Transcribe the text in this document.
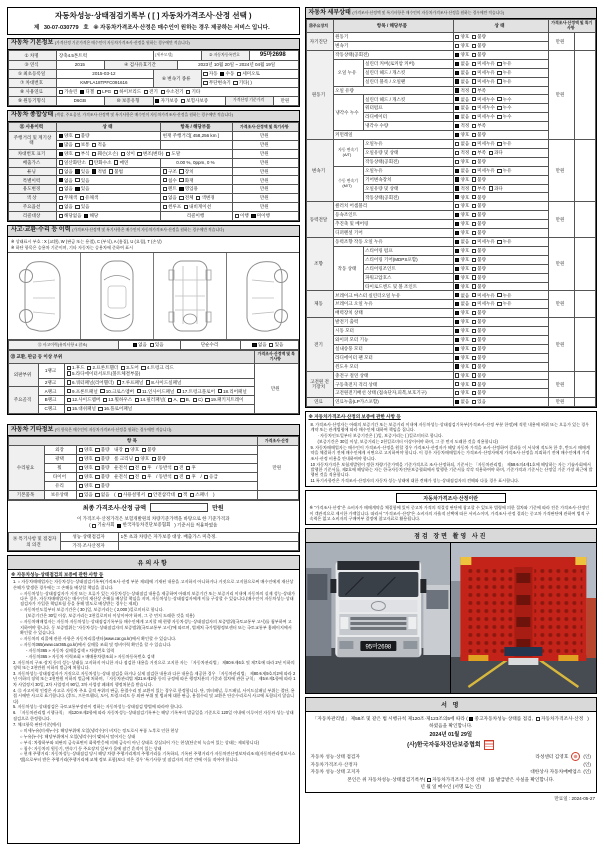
자동차성능·상태점검기록부 ( [ ] 자동차가격조사·산정 선택 )
제 30-07-030779 호 ※ 자동차가격조사·산정은 매수인이 원하는 경우 제공하는 서비스 입니다.
자동차 기본정보 (가격산정 기준가격은 매수인이 자동차가격조사·산정을 원하는 경우에만 적습니다)
① 차명	장축4.5톤트럭		[세부모델]		② 자동차등록번호		95마2698	
③ 연식	2015	④ 검사유효기간		2023년 10월 20일 ~ 2024년 04월 19일				
⑤ 최초등록일	2015-03-12		⑥ 변속기 종류		자동 수동 세미오토			

⑦ 차대번호	KMFLA18TPFC091616				무단변속기 기타( )			

⑧ 사용연료	가솔린 디젤 LPG 하이브리드 전기 수소전기 기타

⑨ 원동기형식	D6GB	⑩ 보증유형	자가보증 보험사보증			가격산정 기준가격		만원
자동차 종합상태 (색상, 주요옵션, 가격조사·산정액 및 특기사항은 매수인이 자동차가격조사·산정을 원하는 경우에만 적습니다)
⑪ 사용이력	상 태	항목 / 해당부품	가격조사·산정액 및 특기사항
주행거리 및 계기상태	양호 불량	현재 주행거리[ 458,256 km ]	만원

	많음 보통 적음		만원
차대번호 표기	양호 부식 훼손(오손) 상이 변조(변타) 도말	만원
배출가스	일산화탄소 탄화수소 매연	0.00 %, 0ppm, 0 %	만원
튜닝	없음 있음 적법 불법	구조 장치	만원
특별이력	없음 있음	침수 화재	만원
용도변경	없음 있음	렌트 영업용	만원
색 상	무채색 유채색	없음 전체 색변경	만원
주요옵션	없음 있음	썬루프 내비게이션	만원
리콜대상	해당없음 해당	리콜이행	이행 미이행
사고·교환·수리 등 이력 (가격조사·산정액 및 특기사항은 매수인이 자동차가격조사·산정을 원하는 경우에만 적습니다)
※ 상태표시 부호 : X (교환), W (판금 또는 용접), C (부식), A (흠집), U (요철), T (손상)
※ 하단 항목은 승용차 기준이며, 기타 자동차는 승용차에 준하여 표시
⑫ 사고이력(유의사항 4 참조)	없음 있음	단순수리	없음 있음
⑬ 교환, 판금 등 이상 부위			가격조사·산정액 및 특기사항
외판부위	1랭크	1.후드 2.프론트휀더 3.도어 4.트렁크 리드
5.라디에이터서포트(볼트체결부품)	만원
	2랭크	6.쿼터패널(리어휀더) 7.루프패널 8.사이드실패널	

주요골격	A랭크	9.프론트패널 10.크로스멤버 11.인사이드패널 17.트렁크플로어 18.리어패널	

B랭크	12.사이드멤버 13.휠하우스 14.필러패널( A, B, C) 19.패키지트레이

	C랭크	15.대쉬패널 16.플로어패널	
자동차 기타정보 (이 항목은 매수인이 자동차가격조사·산정을 원하는 경우에만 적습니다)
항 목			가격조사·산정
수리필요	외장	양호 불량 내장 양호 불량	만원
	광택	양호 불량 룸 크리닝 양호 불량	

휠	양호 불량 운전석 전 후 / 동반석 전 후

타이어	양호 불량 운전석 전 후 / 동반석 전 후 / 응급

	유리	양호 불량	

기본품목	보유상태	있음 없음 ( 사용설명서 안전삼각대 잭 스패너 )	
최종 가격조사·산정 금액	만원
이 가격조사·산정가격은 보험개발원의 차량기준가액을 바탕으로 한 기준가격과
( 기술사회 한국자동차진단보증협회 ) 기준서를 적용하였음
⑭ 특기사항 및 점검자의 의견	성능·상태점검자	1톤 초과 차량은 자가보증 대상. 배출가스 미측정.
	가격·조사산정자	
유의사항
※ 자동차성능·상태점검의 보증에 관한 사항 등
1. ○ 자동차매매업자는 자동차성능·상태점검기록부(가격조사·산정 부분 제외)에 기재된 내용을 고지하지 아니하거나 거짓으로 고지함으로써 매수인에게 재산상 손해가 발생한 경우에는 그 손해를 배상할 책임을 집니다.
○ 자동차성능·상태점검자가 거짓 또는 오류가 있는 자동차성능·상태점검 내용을 제공하여 아래의 보증기간 또는 보증거리 이내에 자동차의 실제 성능·상태가 다른 경우, 자동차매매업자는 매수인의 재산상 손해를 배상할 책임을 지며, 자동차성능·상태점검자에게 이를 구상할 수 있습니다.(매수인이 자동차성능·상태점검자가 가입한 책임보험 등을 통해 별도로 배상받는 경우는 제외)
○ 자동차인도일부터 보증기간은 ( 30 )일, 보증거리는 ( 2,000 )킬로미터로 합니다.
(보증기간은 30일 이상, 보증거리는 2천킬로미터 이상이어야 하며, 그 중 먼저 도래한 것을 적용)
○ 자동차매매업자는 자동차 자동차성능·상태점검기록부를 매수인에게 고지할 때 현행 자동차성능·상태점검자의 보증범위(국토교통부 고시)를 첨부하여 고지하여야 합니다. 동 보증범위는 '자동차성능·상태점검자의 보증범위(국토교통부 고시)'에 따르며, 법제처 국가법령정보센터 또는 국토교통부 홈페이지에서 확인할 수 있습니다.
○ 자동차의 리콜에 관한 사항은 자동차리콜센터(www.car.go.kr)에서 확인할 수 있습니다.
○ 자동차365(www.car365.go.kr)에서 실매물 조회 및 정비이력 확인을 할 수 있습니다.
- 자동차365 » 자동차 실매물검색 » 차량번호 입력
- 자동차365 » 자동차 이력조회 » 매매용차량조회 » 자동차등록번호 검색
2. 자동차의 구조·장치 등의 성능·상태를 고지하지 아니한 자나 점검한 내용을 거짓으로 고지한 자는 「자동차관리법」 제80조제6호 및 제7호에 따라 2년 이하의 징역 또는 2천만원 이하의 벌금에 처합니다.
3. 자동차성능·상태점검자가 거짓으로 자동차성능·상태 점검을 하거나 실제 점검한 내용과 다른 내용을 제공한 경우 「자동차관리법」 제80조제9호의2에 따라 2년 이하의 징역 또는 2천만원 이하의 벌금에 처하며, 「자동차관리법 제21조제2항 등의 규정에 따른 행정처분의 기준과 절차에 관한 규칙」 제5조제1항에 따라 1차 사업정지 30일, 2차 사업정지 90일, 3차 사업장 폐쇄의 행정처분을 받습니다.
4. ⑫ 사고이력 인정은 사고로 자동차 주요 골격 부위의 판금, 용접수리 및 교환이 있는 경우로 한정합니다. 단, 쿼터패널, 루프패널, 사이드실패널 부위는 절단, 용접 시에만 사고로 표기합니다. (후드, 프론트휀더, 도어, 트렁크리드 등 외판 부위 및 범퍼에 대한 판금, 용접수리 및 교환은 단순수리로서 사고에 포함되지 않습니다)
5. 자동차성능·상태점검은 국토교통부장관이 정하는 자동차성능·상태점검 방법에 따라야 합니다.
6. 「자동차관리법 시행규칙」 제120조제2항에 따라 자동차성능·상태점검기록부는 해당 기록부의 발급일을 기준으로 120일 이내에 이루어진 자동차 성능·상태점검으로 한정합니다.
7. 체크항목 판단기준(예시)
○ 미세누유(미세누수): 해당부위에 오일(냉각수)이 비치는 정도로서 부품 노후로 인한 현상
○ 누유(누수): 해당부위에서 오일(냉각수)이 맺혀서 떨어지는 상태
○ 부식: 차량하부와 외판의 금속표면이 화학반응에 의해 금속이 아닌 상태로 상실되어 가는 현상(단순히 녹슬어 있는 상태는 제외합니다)
○ 침수: 자동차의 원동기, 변속기 등 주요장치 일부가 물에 잠긴 흔적이 있는 상태
○ 현재 주행거리: 자동차성능·상태점검 당시 해당 차량 주행거리계의 주행거리를 기록하되, 기록된 주행거리가 자동차전산정보처리조직(자동차관리정보시스템)으로부터 받은 주행거리(주행거리에 교체 정보 포함)보다 적은 경우 '특기사항 및 점검자의 의견' 란에 이를 적어야 합니다.
자동차 세부상태 (가격조사·산정액 및 특기사항은 매수인이 자동차가격조사·산정을 원하는 경우에만 적습니다)
⑮주요장치	항목 / 해당부품		상 태	가격조사·산정액 및 특기사항	
자기진단	원동기		양호 불량	만원	
	변속기		양호 불량		

원동기	작동상태(공회전)		양호 불량	만원	
	오일 누유	실린더 커버(로커암 커버)	없음 미세누유 누유		

		실린더 헤드 / 개스킷	없음 미세누유 누유		

		실린더 블록 / 오일팬	없음 미세누유 누유		

	오일 유량		적정 부족		

	냉각수 누수	실린더 헤드 / 개스킷	없음 미세누수 누수		

		워터펌프	없음 미세누수 누수		

		라디에이터	없음 미세누수 누수		

		냉각수 수량	적정 부족		

	커먼레일		양호 불량		

변속기	자동 변속기 (A/T)	오일누유	없음 미세누유 누유	만원	
		오일유량 및 상태	적정 부족 과다		

		작동상태(공회전)	양호 불량		

	수동 변속기 (M/T)	오일누유	없음 미세누유 누유		

		기어변속장치	양호 불량		

		오일유량 및 상태	적정 부족 과다		

		작동상태(공회전)	양호 불량		

동력전달	클러치 어셈블리		양호 불량	만원	
	등속조인트		양호 불량		

	추진축 및 베어링		양호 불량		

	디퍼렌셜 기어		양호 불량		

조향	동력조향 작동 오일 누유		없음 미세누유 누유	만원	
	작동 상태	스티어링 펌프	양호 불량		

		스티어링 기어(MDPS포함)	양호 불량		

		스티어링조인트	양호 불량		

		파워고압호스	양호 불량		

		타이로드엔드 및 볼 조인트	양호 불량		

제동	브레이크 마스터 실린더오일 누유		없음 미세누유 누유	만원	
	브레이크 오일 누유		없음 미세누유 누유		

	배력장치 상태		양호 불량		

전기	발전기 출력		양호 불량	만원	
	시동 모터		양호 불량		

	와이퍼 모터 기능		양호 불량		

	실내송풍 모터		양호 불량		

	라디에이터 팬 모터		양호 불량		

	윈도우 모터		양호 불량		

고전원 전기장치	충전구 절연 상태		양호 불량	만원	
	구동축전지 격리 상태		양호 불량		

	고전원전기배선 상태 (접속단자,피복,보호기구)		양호 불량		

연료	연료누출(LP가스포함)		없음 있음	만원	
※ 자동차가격조사·산정의 보증에 관한 사항 등
8. 가격조사·산정자는 아래의 보증기간 또는 보증거리 이내에 자동차성능·상태점검기록부(가격조사·산정 부분 한정)에 적힌 내용에 허위 또는 오류가 있는 경우 계약 또는 관계법령에 따라 매수인에 대하여 책임을 집니다.
· 자동차인도일부터 보증기간은 ( )일, 보증거리는 ( )킬로미터로 합니다.
(보증기간은 30일 이상, 보증거리는 2천킬로미터 이상이어야 하며, 그 중 먼저 도래한 것을 적용합니다)
9. 자동차매매업자는 매수인이 가격조사·산정을 원할 경우 가격조사·산정자가 해당 자동차 가격을 조사·산정하여 결과를 이 서식에 적도록 한 후, 반드시 매매계약을 체결하기 전에 매수인에게 서면으로 고지하여야 합니다. 이 경우 자동차매매업자는 가격조사·산정자에게 가격조사·산정을 의뢰하기 전에 매수인에게 가격조사·산정 비용을 안내하여야 합니다.
10 자동차가격은 보험개발원이 정한 차량기준가액을 기준가격으로 조사·산정하되, 기준서는 「자동차관리법」 제58조의4제1호에 해당하는 자는 기술사회에서 발행한 기준서를, 제2호에 해당하는 자는 한국자동차진단보증협회에서 발행한 기준서를 각각 적용하여야 하며, 기준가격과 기준서는 산정일 기준 가장 최근에 발행된 것을 적용합니다.
11 특기사항란은 가격조사·산정자의 자동차 성능·상태에 대한 견해가 성능·상태점검자의 견해와 다를 경우 표시합니다.
자동차가격조사·산정이란
※ “가격조사·산정”은 소비자가 매매계약을 체결함에 있어 중고차 가격의 적절성 판단에 참고할 수 있도록 법령에 의한 절차와 기준에 따라 전문 가격조사·산정인이 객관적으로 제시한 가액입니다. 따라서 “가격조사·산정”은 소비자의 자율적 선택에 따른 서비스이며, 가격조사·산정 결과는 중고차 가격판단에 관하여 법적 구속력은 없고 소비자의 구매여부 결정에 참고자료로 활용됩니다.
점검 장면 촬영 사진
95마2698
서 명
「자동차관리법」 제58조 및 같은 법 시행규칙 제120조·제123조의5에 따라 ( 중고자동차성능·상태를 점검, 자동차가격조사·산정 ) 하였음을 확인합니다.
2024년 01월 29일
(사)한국자동차진단보증협회
자동차 성능·상태 점검자	라성센터 김영호	(인)
자동차가격조사·산정자	(인)
자동차 성능·상태 고지자	대한상사 자동차매매업소 (인)
본인은 위 자동차성능·상태점검기록부( 자동차가격조사·산정 선택 )를 발급받은 사실을 확인합니다.
년 월 일 매수인 (서명 또는 인)
만료일 : 2024-05-27
